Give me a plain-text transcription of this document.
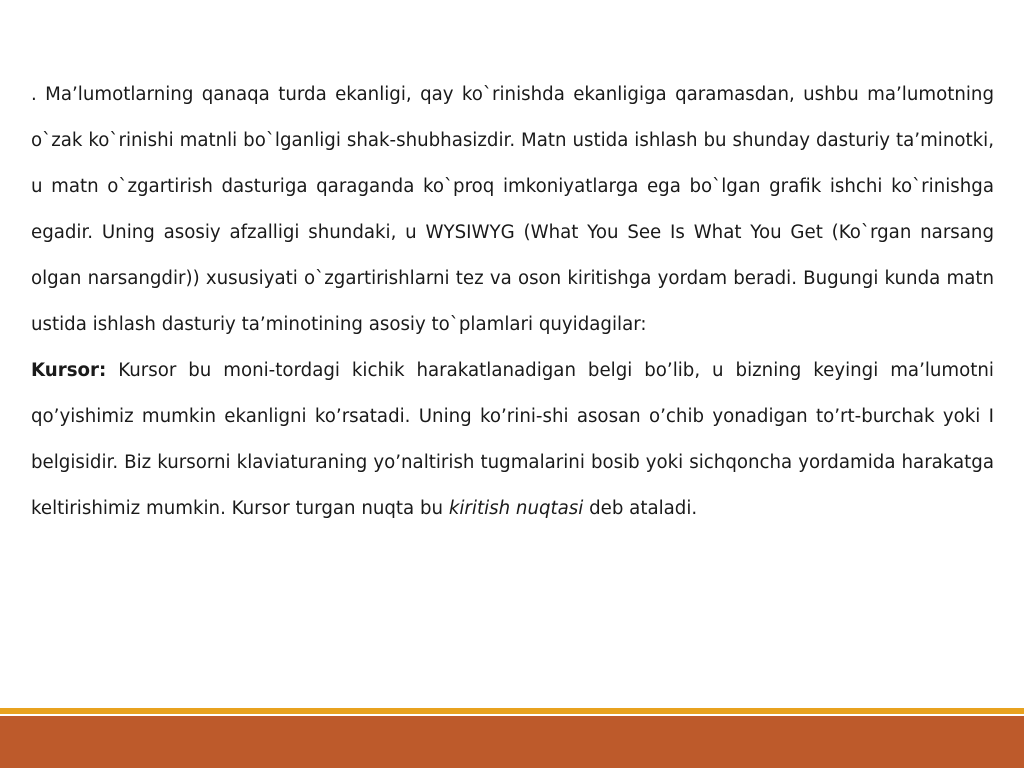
. Ma’lumotlarning qanaqa turda ekanligi, qay ko`rinishda ekanligiga qaramasdan, ushbu ma’lumotning o`zak ko`rinishi matnli bo`lganligi shak-shubhasizdir. Matn ustida ishlash bu shunday dasturiy ta’minotki, u matn o`zgartirish dasturiga qaraganda ko`proq imkoniyatlarga ega bo`lgan grafik ishchi ko`rinishga egadir. Uning asosiy afzalligi shundaki, u WYSIWYG (What You See Is What You Get (Ko`rgan narsang olgan narsangdir)) xususiyati o`zgartirishlarni tez va oson kiritishga yordam beradi. Bugungi kunda matn ustida ishlash dasturiy ta’minotining asosiy to`plamlari quyidagilar:

Kursor: Kursor bu moni-tordagi kichik harakatlanadigan belgi bo’lib, u bizning keyingi ma’lumotni qo’yishimiz mumkin ekanligni ko’rsatadi. Uning ko’rini-shi asosan o’chib yonadigan to’rt-burchak yoki I belgisidir. Biz kursorni klaviaturaning yo’naltirish tugmalarini bosib yoki sichqoncha yordamida harakatga keltirishimiz mumkin. Kursor turgan nuqta bu kiritish nuqtasi deb ataladi.
